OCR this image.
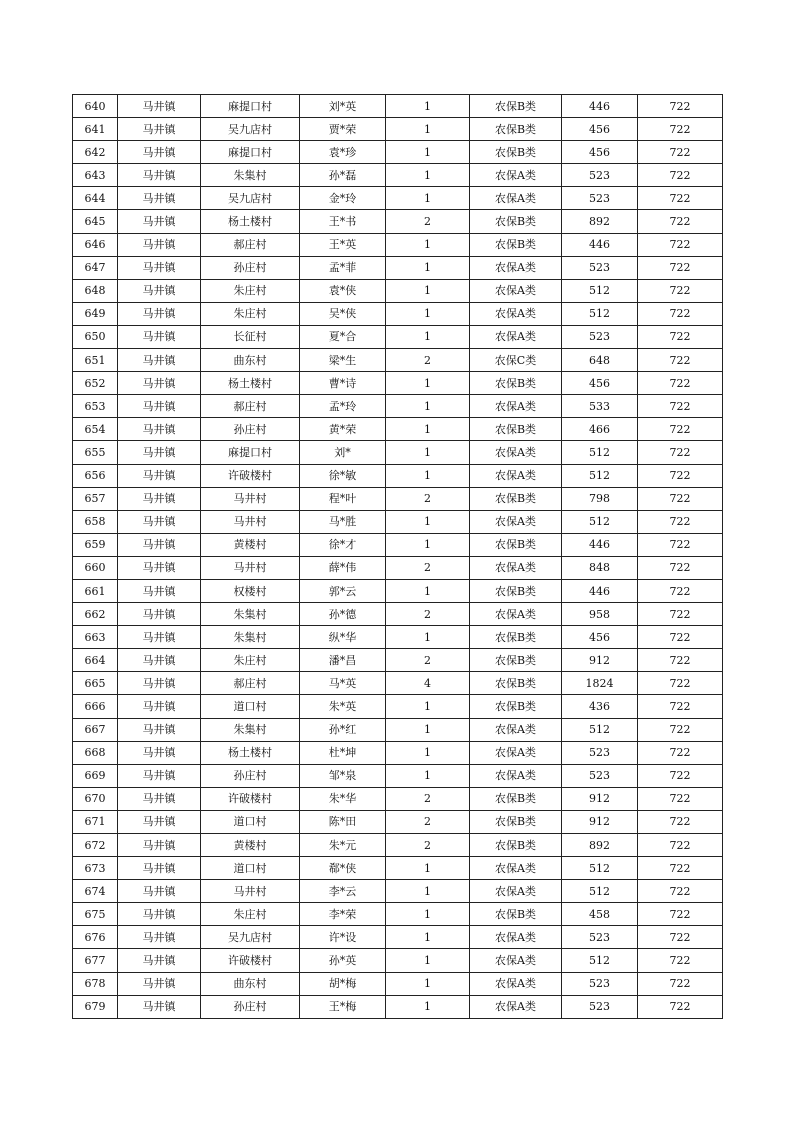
640	马井镇	麻提口村	刘*英	1	农保B类	446	722
641	马井镇	吴九店村	贾*荣	1	农保B类	456	722
642	马井镇	麻提口村	袁*珍	1	农保B类	456	722
643	马井镇	朱集村	孙*磊	1	农保A类	523	722
644	马井镇	吴九店村	金*玲	1	农保A类	523	722
645	马井镇	杨土楼村	王*书	2	农保B类	892	722
646	马井镇	郝庄村	王*英	1	农保B类	446	722
647	马井镇	孙庄村	孟*菲	1	农保A类	523	722
648	马井镇	朱庄村	袁*侠	1	农保A类	512	722
649	马井镇	朱庄村	吴*侠	1	农保A类	512	722
650	马井镇	长征村	夏*合	1	农保A类	523	722
651	马井镇	曲东村	梁*生	2	农保C类	648	722
652	马井镇	杨土楼村	曹*诗	1	农保B类	456	722
653	马井镇	郝庄村	孟*玲	1	农保A类	533	722
654	马井镇	孙庄村	黄*荣	1	农保B类	466	722
655	马井镇	麻提口村	刘*	1	农保A类	512	722
656	马井镇	许破楼村	徐*敏	1	农保A类	512	722
657	马井镇	马井村	程*叶	2	农保B类	798	722
658	马井镇	马井村	马*胜	1	农保A类	512	722
659	马井镇	黄楼村	徐*才	1	农保B类	446	722
660	马井镇	马井村	薛*伟	2	农保A类	848	722
661	马井镇	权楼村	郭*云	1	农保B类	446	722
662	马井镇	朱集村	孙*德	2	农保A类	958	722
663	马井镇	朱集村	纵*华	1	农保B类	456	722
664	马井镇	朱庄村	潘*昌	2	农保B类	912	722
665	马井镇	郝庄村	马*英	4	农保B类	1824	722
666	马井镇	道口村	朱*英	1	农保B类	436	722
667	马井镇	朱集村	孙*红	1	农保A类	512	722
668	马井镇	杨土楼村	杜*坤	1	农保A类	523	722
669	马井镇	孙庄村	邹*泉	1	农保A类	523	722
670	马井镇	许破楼村	朱*华	2	农保B类	912	722
671	马井镇	道口村	陈*田	2	农保B类	912	722
672	马井镇	黄楼村	朱*元	2	农保B类	892	722
673	马井镇	道口村	郗*侠	1	农保A类	512	722
674	马井镇	马井村	李*云	1	农保A类	512	722
675	马井镇	朱庄村	李*荣	1	农保B类	458	722
676	马井镇	吴九店村	许*设	1	农保A类	523	722
677	马井镇	许破楼村	孙*英	1	农保A类	512	722
678	马井镇	曲东村	胡*梅	1	农保A类	523	722
679	马井镇	孙庄村	王*梅	1	农保A类	523	722
